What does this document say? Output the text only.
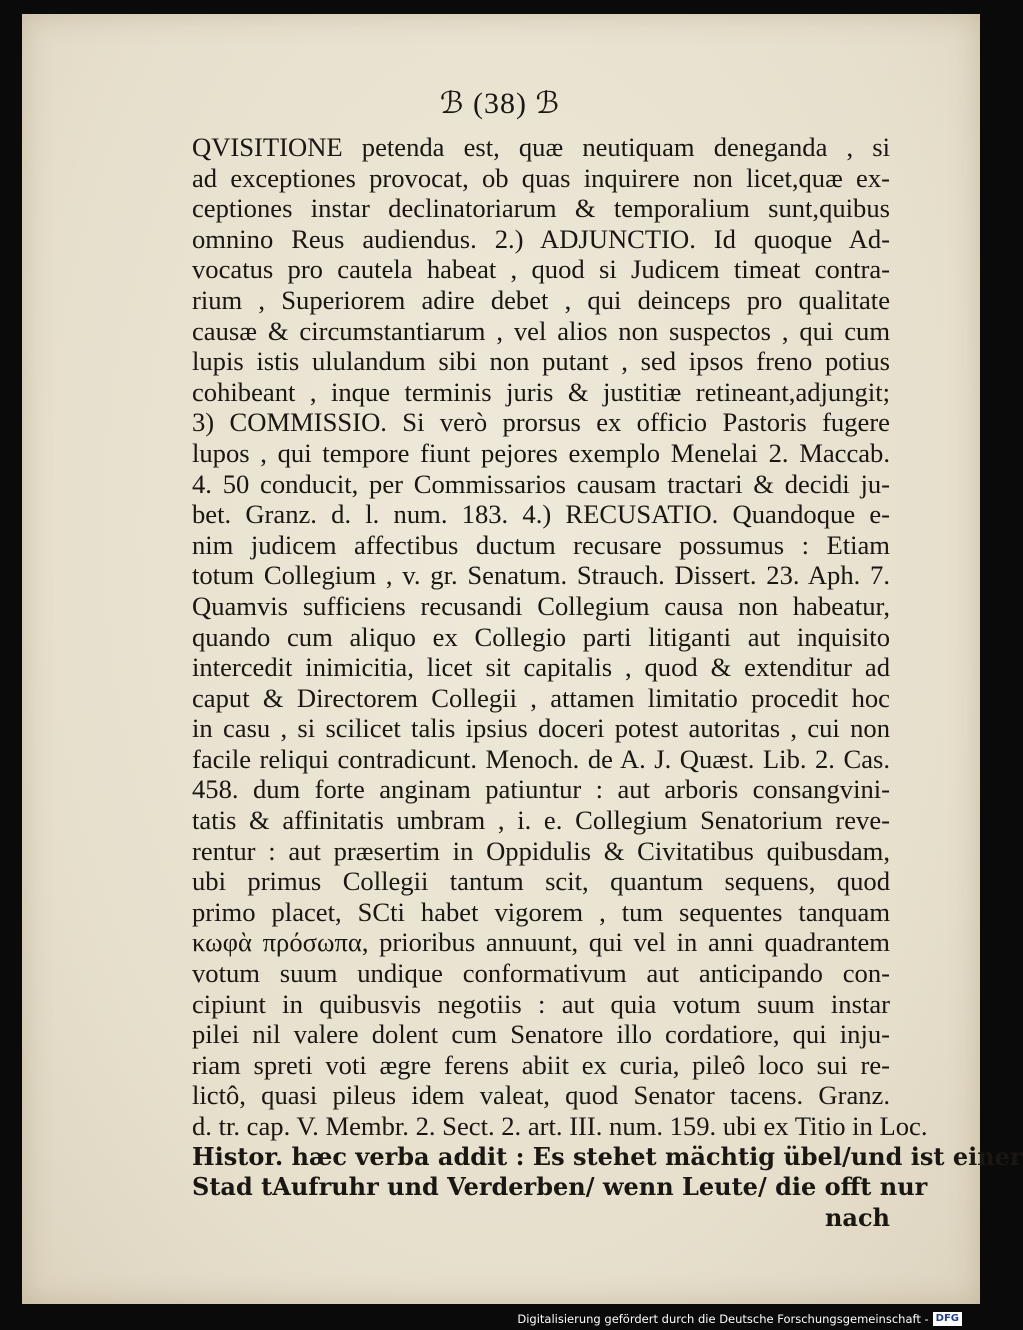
ℬ (38) ℬ
QVISITIONE petenda est, quæ neutiquam deneganda , si
ad exceptiones provocat, ob quas inquirere non licet,quæ ex-
ceptiones instar declinatoriarum & temporalium sunt,quibus
omnino Reus audiendus. 2.) ADJUNCTIO. Id quoque Ad-
vocatus pro cautela habeat , quod si Judicem timeat contra-
rium , Superiorem adire debet , qui deinceps pro qualitate
causæ & circumstantiarum , vel alios non suspectos , qui cum
lupis istis ululandum sibi non putant , sed ipsos freno potius
cohibeant , inque terminis juris & justitiæ retineant,adjungit;
3) COMMISSIO. Si verò prorsus ex officio Pastoris fugere
lupos , qui tempore fiunt pejores exemplo Menelai 2. Maccab.
4. 50 conducit, per Commissarios causam tractari & decidi ju-
bet. Granz. d. l. num. 183. 4.) RECUSATIO. Quandoque e-
nim judicem affectibus ductum recusare possumus : Etiam
totum Collegium , v. gr. Senatum. Strauch. Dissert. 23. Aph. 7.
Quamvis sufficiens recusandi Collegium causa non habeatur,
quando cum aliquo ex Collegio parti litiganti aut inquisito
intercedit inimicitia, licet sit capitalis , quod & extenditur ad
caput & Directorem Collegii , attamen limitatio procedit hoc
in casu , si scilicet talis ipsius doceri potest autoritas , cui non
facile reliqui contradicunt. Menoch. de A. J. Quæst. Lib. 2. Cas.
458. dum forte anginam patiuntur : aut arboris consangvini-
tatis & affinitatis umbram , i. e. Collegium Senatorium reve-
rentur : aut præsertim in Oppidulis & Civitatibus quibusdam,
ubi primus Collegii tantum scit, quantum sequens, quod
primo placet, SCti habet vigorem , tum sequentes tanquam
κωφὰ πρόσωπα, prioribus annuunt, qui vel in anni quadrantem
votum suum undique conformativum aut anticipando con-
cipiunt in quibusvis negotiis : aut quia votum suum instar
pilei nil valere dolent cum Senatore illo cordatiore, qui inju-
riam spreti voti ægre ferens abiit ex curia, pileô loco sui re-
lictô, quasi pileus idem valeat, quod Senator tacens. Granz.
d. tr. cap. V. Membr. 2. Sect. 2. art. III. num. 159. ubi ex Titio in Loc.
Histor. hæc verba addit : Es stehet mächtig übel/und ist einer
Stad tAufruhr und Verderben/ wenn Leute/ die offt nur
nach
Digitalisierung gefördert durch die Deutsche Forschungsgemeinschaft - DFG
